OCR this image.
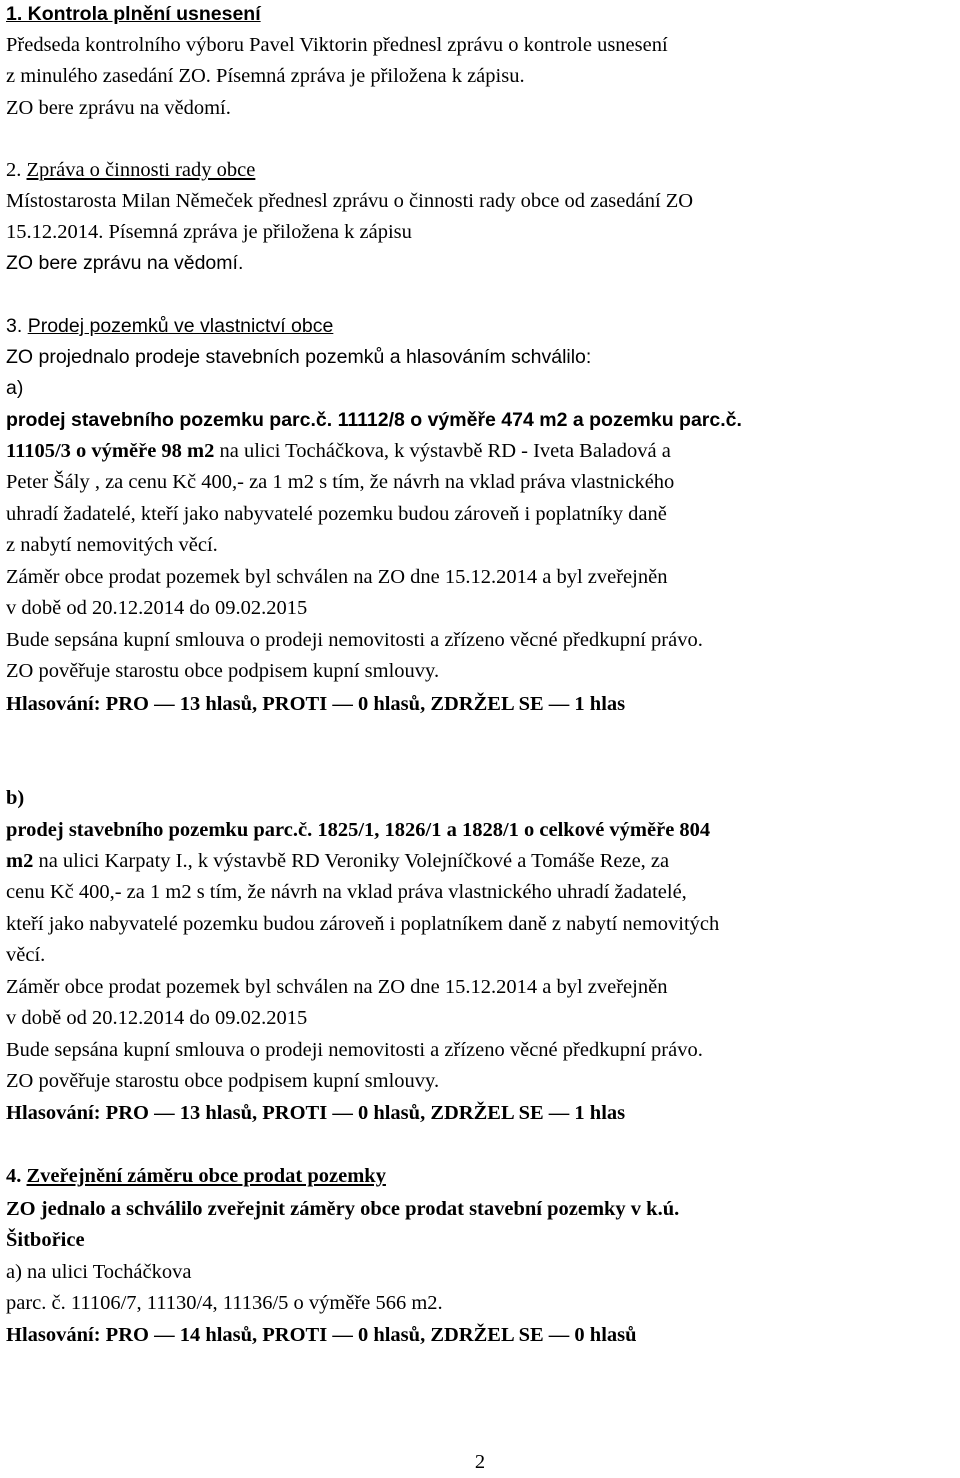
1. Kontrola plnění usnesení
Předseda kontrolního výboru Pavel Viktorin přednesl zprávu o kontrole usnesení
z minulého zasedání ZO. Písemná zpráva je přiložena k zápisu.
ZO bere zprávu na vědomí.
2. Zpráva o činnosti rady obce
Místostarosta Milan Němeček přednesl zprávu o činnosti rady obce od zasedání ZO
15.12.2014. Písemná zpráva je přiložena k zápisu
ZO bere zprávu na vědomí.
3. Prodej pozemků ve vlastnictví obce
ZO projednalo prodeje stavebních pozemků a hlasováním schválilo:
a)
prodej stavebního pozemku parc.č. 11112/8 o výměře 474 m2 a pozemku parc.č.
11105/3 o výměře 98 m2 na ulici Tocháčkova, k výstavbě RD - Iveta Baladová a
Peter Šály , za cenu Kč 400,- za 1 m2 s tím, že návrh na vklad práva vlastnického
uhradí žadatelé, kteří jako nabyvatelé pozemku budou zároveň i poplatníky daně
z nabytí nemovitých věcí.
Záměr obce prodat pozemek byl schválen na ZO dne 15.12.2014 a byl zveřejněn
v době od 20.12.2014 do 09.02.2015
Bude sepsána kupní smlouva o prodeji nemovitosti a zřízeno věcné předkupní právo.
ZO pověřuje starostu obce podpisem kupní smlouvy.
Hlasování: PRO — 13 hlasů, PROTI — 0 hlasů, ZDRŽEL SE — 1 hlas
b)
prodej stavebního pozemku parc.č. 1825/1, 1826/1 a 1828/1 o celkové výměře 804
m2 na ulici Karpaty I., k výstavbě RD Veroniky Volejníčkové a Tomáše Reze, za
cenu Kč 400,- za 1 m2 s tím, že návrh na vklad práva vlastnického uhradí žadatelé,
kteří jako nabyvatelé pozemku budou zároveň i poplatníkem daně z nabytí nemovitých
věcí.
Záměr obce prodat pozemek byl schválen na ZO dne 15.12.2014 a byl zveřejněn
v době od 20.12.2014 do 09.02.2015
Bude sepsána kupní smlouva o prodeji nemovitosti a zřízeno věcné předkupní právo.
ZO pověřuje starostu obce podpisem kupní smlouvy.
Hlasování: PRO — 13 hlasů, PROTI — 0 hlasů, ZDRŽEL SE — 1 hlas
4. Zveřejnění záměru obce prodat pozemky
ZO jednalo a schválilo zveřejnit záměry obce prodat stavební pozemky v k.ú.
Šitbořice
a) na ulici Tocháčkova
parc. č. 11106/7, 11130/4, 11136/5 o výměře 566 m2.
Hlasování: PRO — 14 hlasů, PROTI — 0 hlasů, ZDRŽEL SE — 0 hlasů
2
